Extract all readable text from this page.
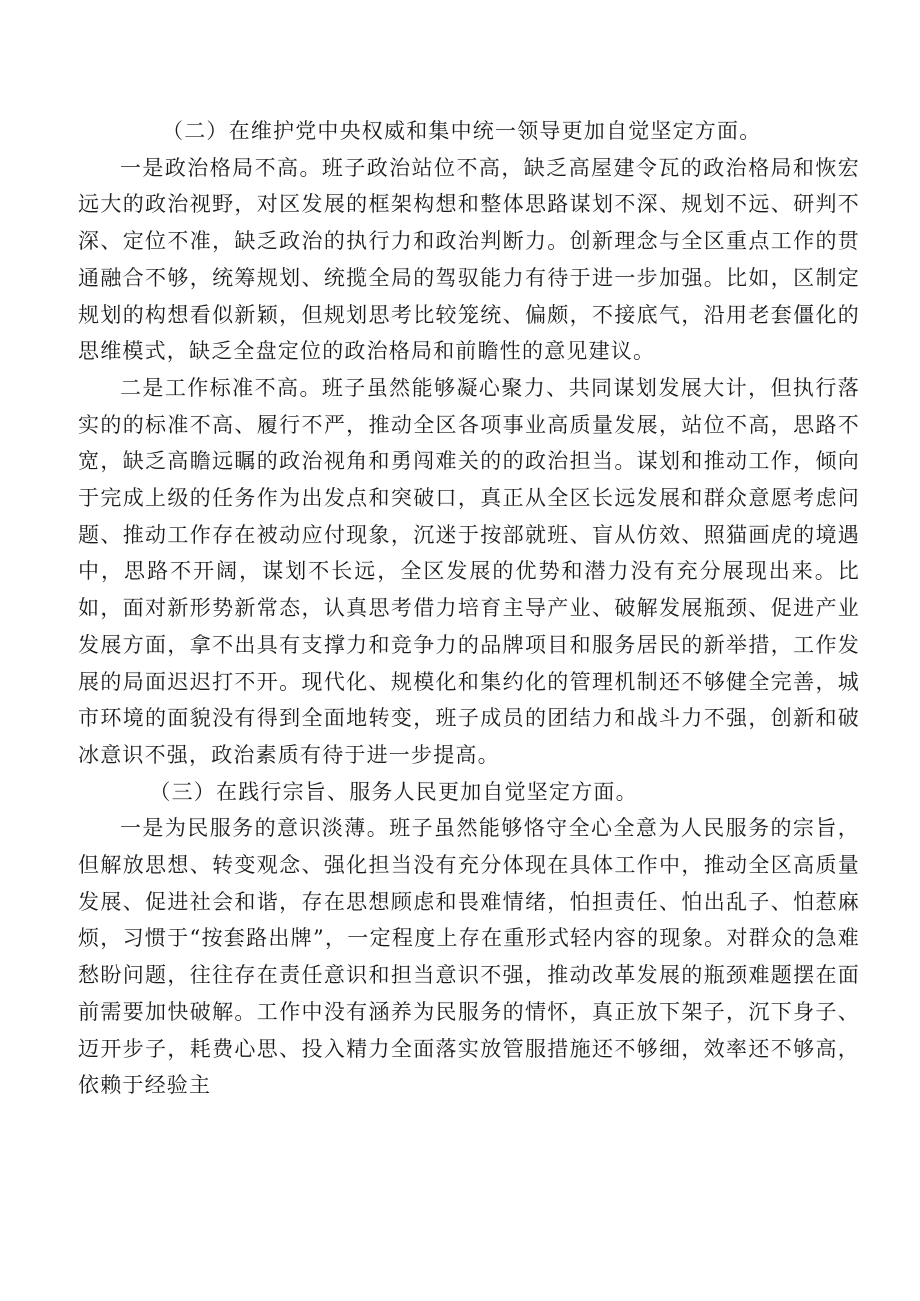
（二）在维护党中央权威和集中统一领导更加自觉坚定方面。

一是政治格局不高。班子政治站位不高，缺乏高屋建令瓦的政治格局和恢宏远大的政治视野，对区发展的框架构想和整体思路谋划不深、规划不远、研判不深、定位不准，缺乏政治的执行力和政治判断力。创新理念与全区重点工作的贯通融合不够，统筹规划、统揽全局的驾驭能力有待于进一步加强。比如，区制定规划的构想看似新颖，但规划思考比较笼统、偏颇，不接底气，沿用老套僵化的思维模式，缺乏全盘定位的政治格局和前瞻性的意见建议。

二是工作标准不高。班子虽然能够凝心聚力、共同谋划发展大计，但执行落实的的标准不高、履行不严，推动全区各项事业高质量发展，站位不高，思路不宽，缺乏高瞻远瞩的政治视角和勇闯难关的的政治担当。谋划和推动工作，倾向于完成上级的任务作为出发点和突破口，真正从全区长远发展和群众意愿考虑问题、推动工作存在被动应付现象，沉迷于按部就班、盲从仿效、照猫画虎的境遇中，思路不开阔，谋划不长远，全区发展的优势和潜力没有充分展现出来。比如，面对新形势新常态，认真思考借力培育主导产业、破解发展瓶颈、促进产业发展方面，拿不出具有支撑力和竞争力的品牌项目和服务居民的新举措，工作发展的局面迟迟打不开。现代化、规模化和集约化的管理机制还不够健全完善，城市环境的面貌没有得到全面地转变，班子成员的团结力和战斗力不强，创新和破冰意识不强，政治素质有待于进一步提高。

（三）在践行宗旨、服务人民更加自觉坚定方面。

一是为民服务的意识淡薄。班子虽然能够恪守全心全意为人民服务的宗旨，但解放思想、转变观念、强化担当没有充分体现在具体工作中，推动全区高质量发展、促进社会和谐，存在思想顾虑和畏难情绪，怕担责任、怕出乱子、怕惹麻烦，习惯于“按套路出牌”，一定程度上存在重形式轻内容的现象。对群众的急难愁盼问题，往往存在责任意识和担当意识不强，推动改革发展的瓶颈难题摆在面前需要加快破解。工作中没有涵养为民服务的情怀，真正放下架子，沉下身子、迈开步子，耗费心思、投入精力全面落实放管服措施还不够细，效率还不够高，依赖于经验主
